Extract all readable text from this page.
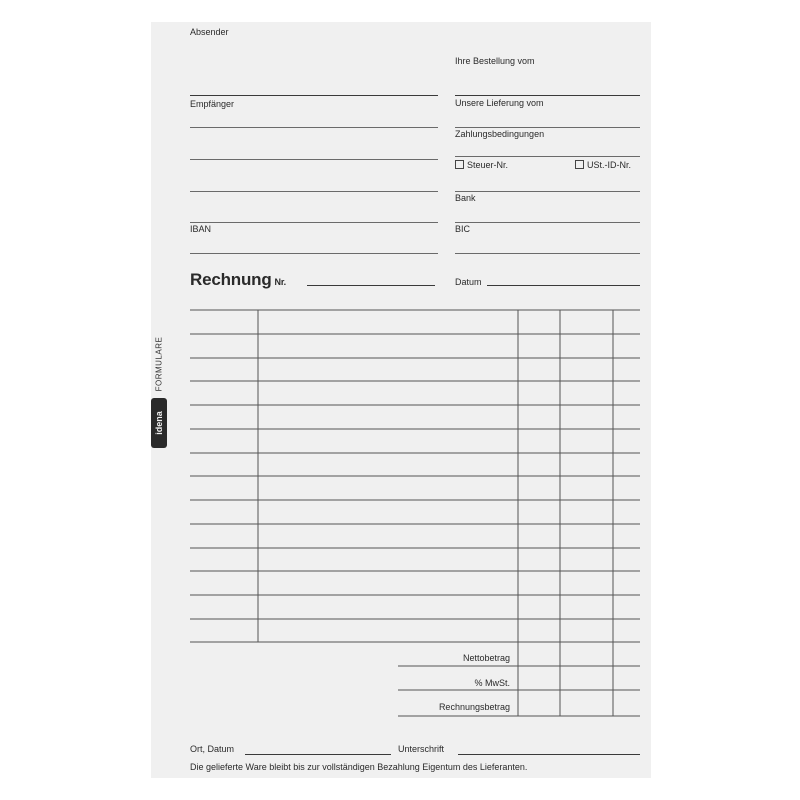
FORMULARE
idena
Absender
Empfänger
IBAN
Ihre Bestellung vom
Unsere Lieferung vom
Zahlungsbedingungen
Steuer-Nr.	USt.-ID-Nr.
Bank
BIC
Rechnung Nr.	Datum
Nettobetrag
% MwSt.
Rechnungsbetrag
Ort, Datum	Unterschrift
Die gelieferte Ware bleibt bis zur vollständigen Bezahlung Eigentum des Lieferanten.
